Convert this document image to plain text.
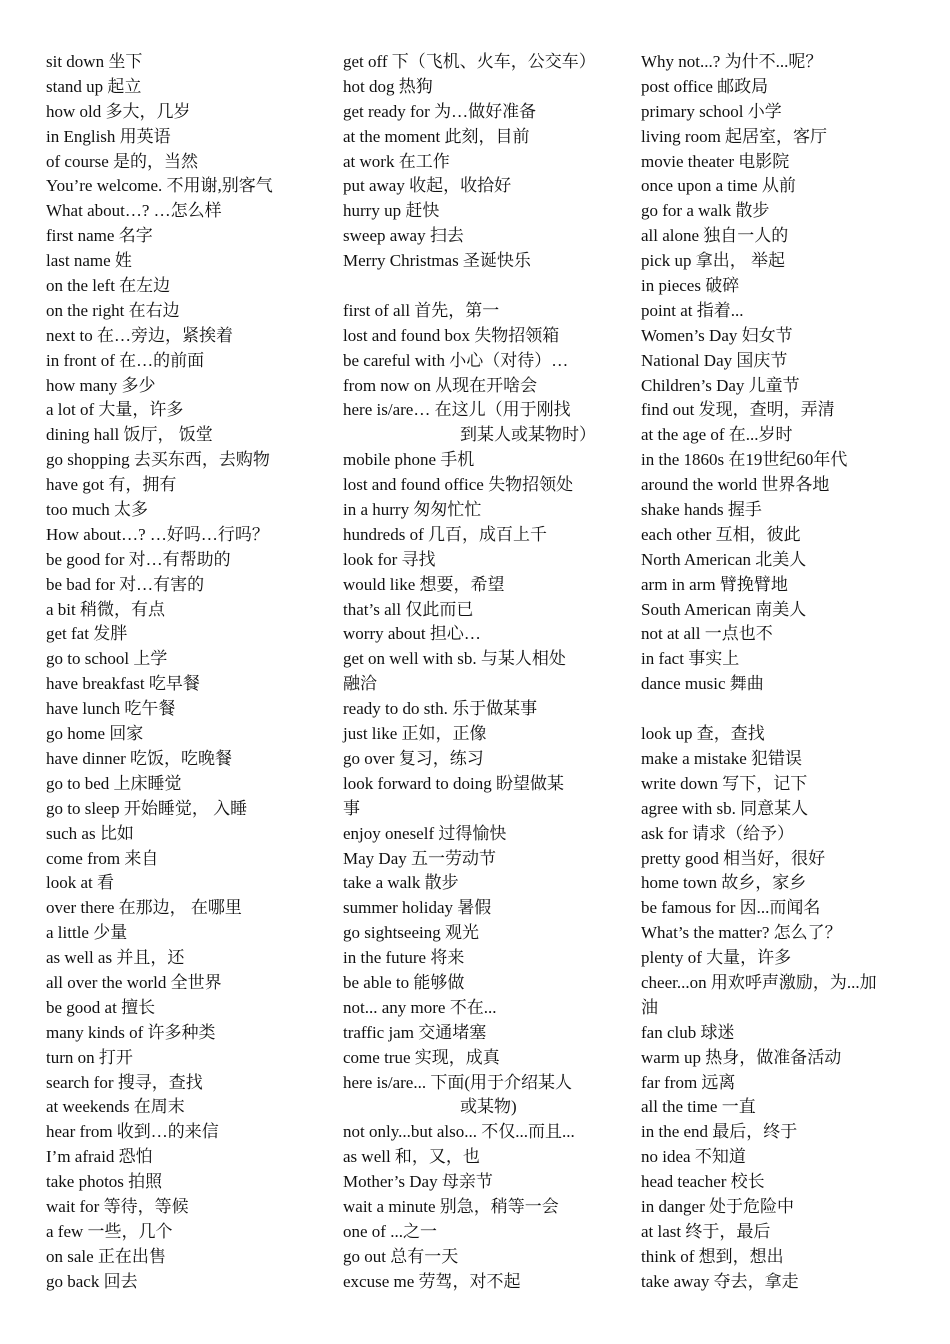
sit down 坐下
stand up 起立
how old 多大，几岁
in English 用英语
of course 是的，当然
You’re welcome. 不用谢,别客气
What about…? …怎么样
first name 名字
last name 姓
on the left 在左边
on the right 在右边
next to 在…旁边，紧挨着
in front of 在…的前面
how many 多少
a lot of 大量，许多
dining hall 饭厅， 饭堂
go shopping 去买东西，去购物
have got 有，拥有
too much 太多
How about…? …好吗…行吗？
be good for 对…有帮助的
be bad for 对…有害的
a bit 稍微，有点
get fat 发胖
go to school 上学
have breakfast 吃早餐
have lunch 吃午餐
go home 回家
have dinner 吃饭，吃晚餐
go to bed 上床睡觉
go to sleep 开始睡觉， 入睡
such as 比如
come from 来自
look at 看
over there 在那边， 在哪里
a little 少量
as well as 并且，还
all over the world 全世界
be good at 擅长
many kinds of 许多种类
turn on 打开
search for 搜寻，查找
at weekends 在周末
hear from 收到…的来信
I’m afraid 恐怕
take photos 拍照
wait for 等待，等候
a few 一些，几个
on sale 正在出售
go back 回去
get off 下（飞机、火车，公交车）
hot dog 热狗
get ready for 为…做好准备
at the moment 此刻，目前
at work 在工作
put away 收起，收拾好
hurry up 赶快
sweep away 扫去
Merry Christmas 圣诞快乐
first of all 首先，第一
lost and found box 失物招领箱
be careful with 小心（对待）…
from now on 从现在开啥会
here is/are… 在这儿（用于刚找
到某人或某物时）
mobile phone 手机
lost and found office 失物招领处
in a hurry 匆匆忙忙
hundreds of 几百，成百上千
look for 寻找
would like 想要，希望
that’s all 仅此而已
worry about 担心…
get on well with sb. 与某人相处
融洽
ready to do sth. 乐于做某事
just like 正如，正像
go over 复习，练习
look forward to doing 盼望做某
事
enjoy oneself 过得愉快
May Day 五一劳动节
take a walk 散步
summer holiday 暑假
go sightseeing 观光
in the future 将来
be able to 能够做
not... any more 不在...
traffic jam 交通堵塞
come true 实现，成真
here is/are... 下面(用于介绍某人
或某物)
not only...but also... 不仅...而且...
as well 和，又，也
Mother’s Day 母亲节
wait a minute 别急，稍等一会
one of ...之一
go out 总有一天
excuse me 劳驾，对不起
Why not...? 为什不...呢？
post office 邮政局
primary school 小学
living room 起居室，客厅
movie theater 电影院
once upon a time 从前
go for a walk 散步
all alone 独自一人的
pick up 拿出， 举起
in pieces 破碎
point at 指着...
Women’s Day 妇女节
National Day 国庆节
Children’s Day 儿童节
find out 发现，查明，弄清
at the age of 在...岁时
in the 1860s 在19世纪60年代
around the world 世界各地
shake hands 握手
each other 互相，彼此
North American 北美人
arm in arm 臂挽臂地
South American 南美人
not at all 一点也不
in fact 事实上
dance music 舞曲
look up 查，查找
make a mistake 犯错误
write down 写下，记下
agree with sb. 同意某人
ask for 请求（给予）
pretty good 相当好，很好
home town 故乡，家乡
be famous for 因...而闻名
What’s the matter? 怎么了？
plenty of 大量，许多
cheer...on 用欢呼声激励，为...加
油
fan club 球迷
warm up 热身，做准备活动
far from 远离
all the time 一直
in the end 最后，终于
no idea 不知道
head teacher 校长
in danger 处于危险中
at last 终于，最后
think of 想到，想出
take away 夺去，拿走
